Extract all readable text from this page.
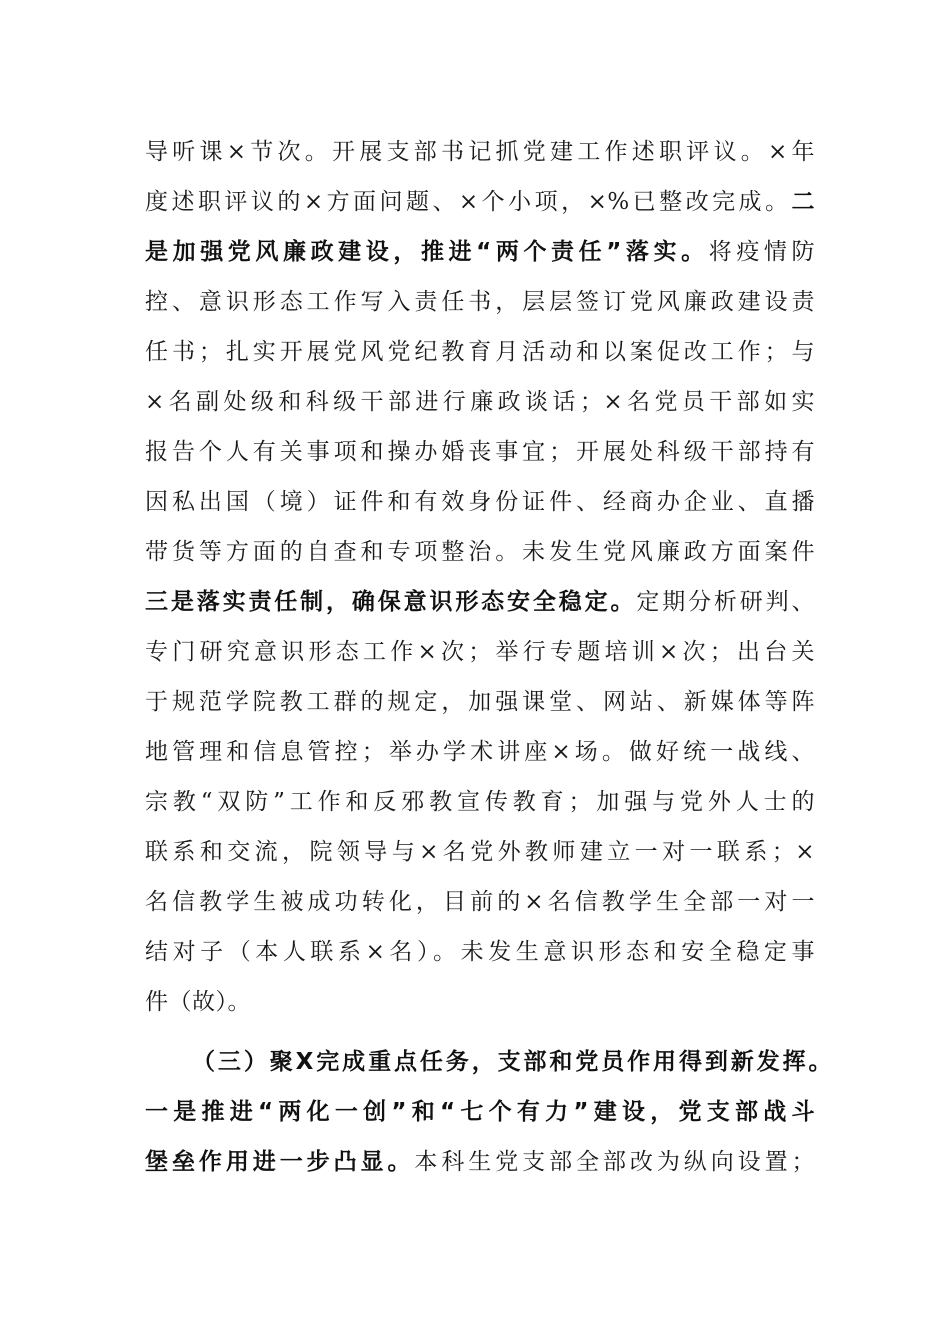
导听课×节次。开展支部书记抓党建工作述职评议。×年
度述职评议的×方面问题、×个小项，×%已整改完成。二
是加强党风廉政建设，推进“两个责任”落实。将疫情防
控、意识形态工作写入责任书，层层签订党风廉政建设责
任书；扎实开展党风党纪教育月活动和以案促改工作；与
×名副处级和科级干部进行廉政谈话；×名党员干部如实
报告个人有关事项和操办婚丧事宜；开展处科级干部持有
因私出国（境）证件和有效身份证件、经商办企业、直播
带货等方面的自查和专项整治。未发生党风廉政方面案件
三是落实责任制，确保意识形态安全稳定。定期分析研判、
专门研究意识形态工作×次；举行专题培训×次；出台关
于规范学院教工群的规定，加强课堂、网站、新媒体等阵
地管理和信息管控；举办学术讲座×场。做好统一战线、
宗教“双防”工作和反邪教宣传教育；加强与党外人士的
联系和交流，院领导与×名党外教师建立一对一联系；×
名信教学生被成功转化，目前的×名信教学生全部一对一
结对子（本人联系×名）。未发生意识形态和安全稳定事
件（故）。
（三）聚X完成重点任务，支部和党员作用得到新发挥。
一是推进“两化一创”和“七个有力”建设，党支部战斗
堡垒作用进一步凸显。本科生党支部全部改为纵向设置；
